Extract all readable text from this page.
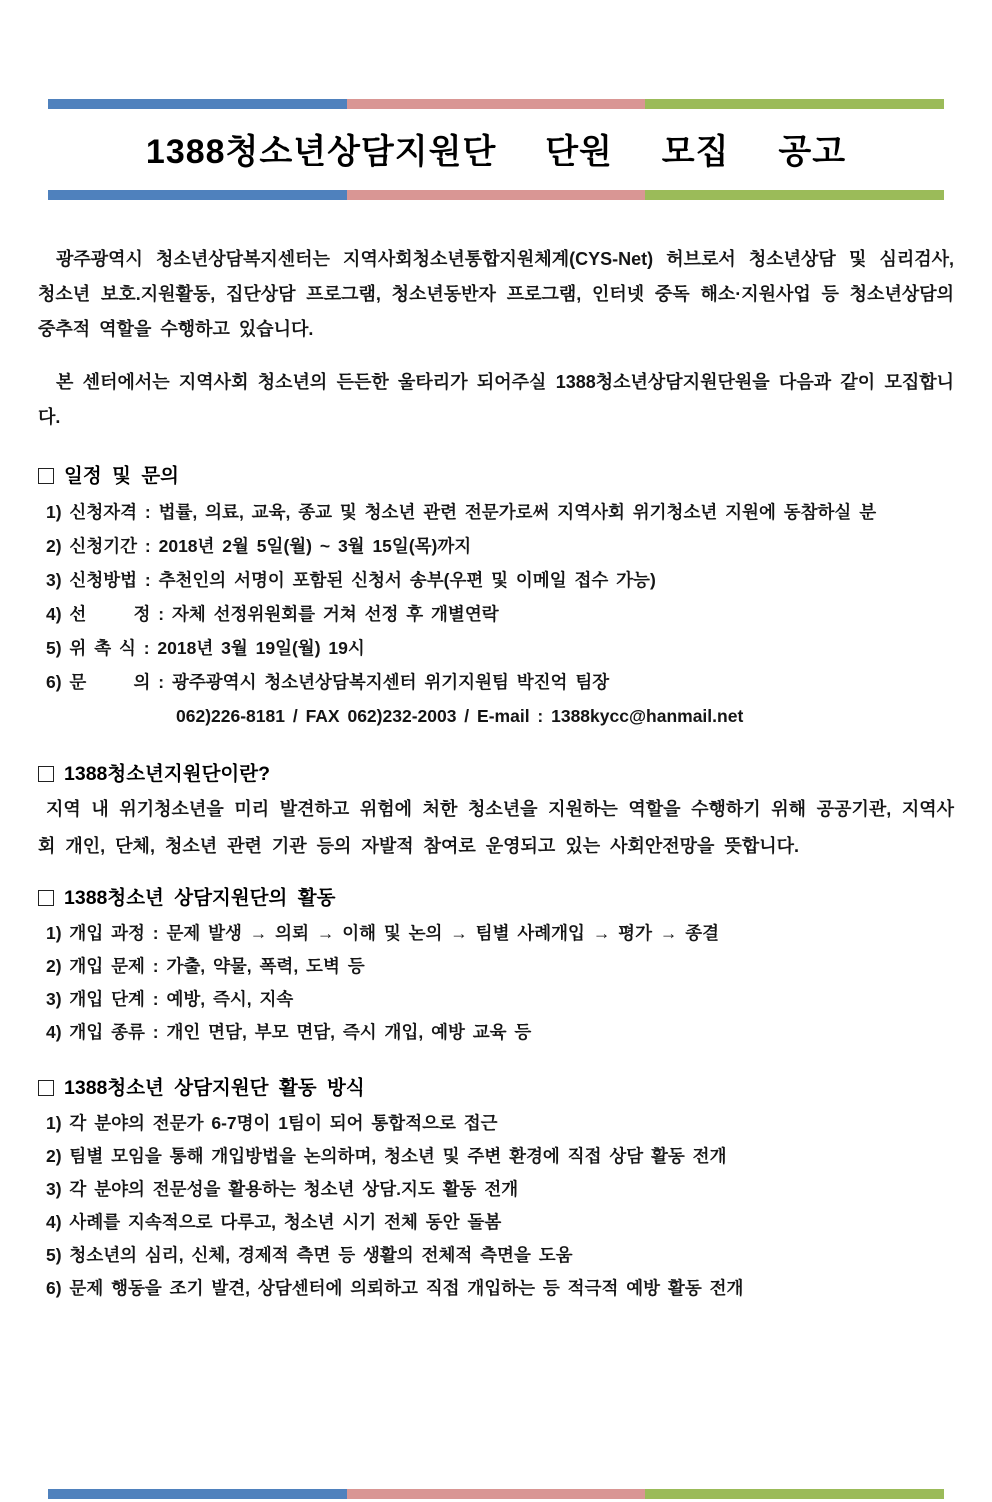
1388청소년상담지원단  단원  모집  공고

광주광역시 청소년상담복지센터는 지역사회청소년통합지원체계(CYS-Net) 허브로서 청소년상담 및 심리검사, 청소년 보호.지원활동, 집단상담 프로그램, 청소년동반자 프로그램, 인터넷 중독 해소·지원사업 등 청소년상담의 중추적 역할을 수행하고 있습니다.

본 센터에서는 지역사회 청소년의 든든한 울타리가 되어주실 1388청소년상담지원단원을 다음과 같이 모집합니다.

일정 및 문의
1) 신청자격 : 법률, 의료, 교육, 종교 및 청소년 관련 전문가로써 지역사회 위기청소년 지원에 동참하실 분
2) 신청기간 : 2018년 2월 5일(월) ~ 3월 15일(목)까지
3) 신청방법 : 추천인의 서명이 포함된 신청서 송부(우편 및 이메일 접수 가능)
4) 선      정 : 자체 선정위원회를 거쳐 선정 후 개별연락
5) 위 촉 식 : 2018년 3월 19일(월) 19시
6) 문      의 : 광주광역시 청소년상담복지센터 위기지원팀 박진억 팀장
062)226-8181 / FAX 062)232-2003 / E-mail : 1388kycc@hanmail.net
1388청소년지원단이란?

지역 내 위기청소년을 미리 발견하고 위험에 처한 청소년을 지원하는 역할을 수행하기 위해 공공기관, 지역사회 개인, 단체, 청소년 관련 기관 등의 자발적 참여로 운영되고 있는 사회안전망을 뜻합니다.

1388청소년 상담지원단의 활동
1) 개입 과정 : 문제 발생 → 의뢰 → 이해 및 논의 → 팀별 사례개입 → 평가 → 종결
2) 개입 문제 : 가출, 약물, 폭력, 도벽 등
3) 개입 단계 : 예방, 즉시, 지속
4) 개입 종류 : 개인 면담, 부모 면담, 즉시 개입, 예방 교육 등
1388청소년 상담지원단 활동 방식
1) 각 분야의 전문가 6-7명이 1팀이 되어 통합적으로 접근
2) 팀별 모임을 통해 개입방법을 논의하며, 청소년 및 주변 환경에 직접 상담 활동 전개
3) 각 분야의 전문성을 활용하는 청소년 상담.지도 활동 전개
4) 사례를 지속적으로 다루고, 청소년 시기 전체 동안 돌봄
5) 청소년의 심리, 신체, 경제적 측면 등 생활의 전체적 측면을 도움
6) 문제 행동을 조기 발견, 상담센터에 의뢰하고 직접 개입하는 등 적극적 예방 활동 전개
